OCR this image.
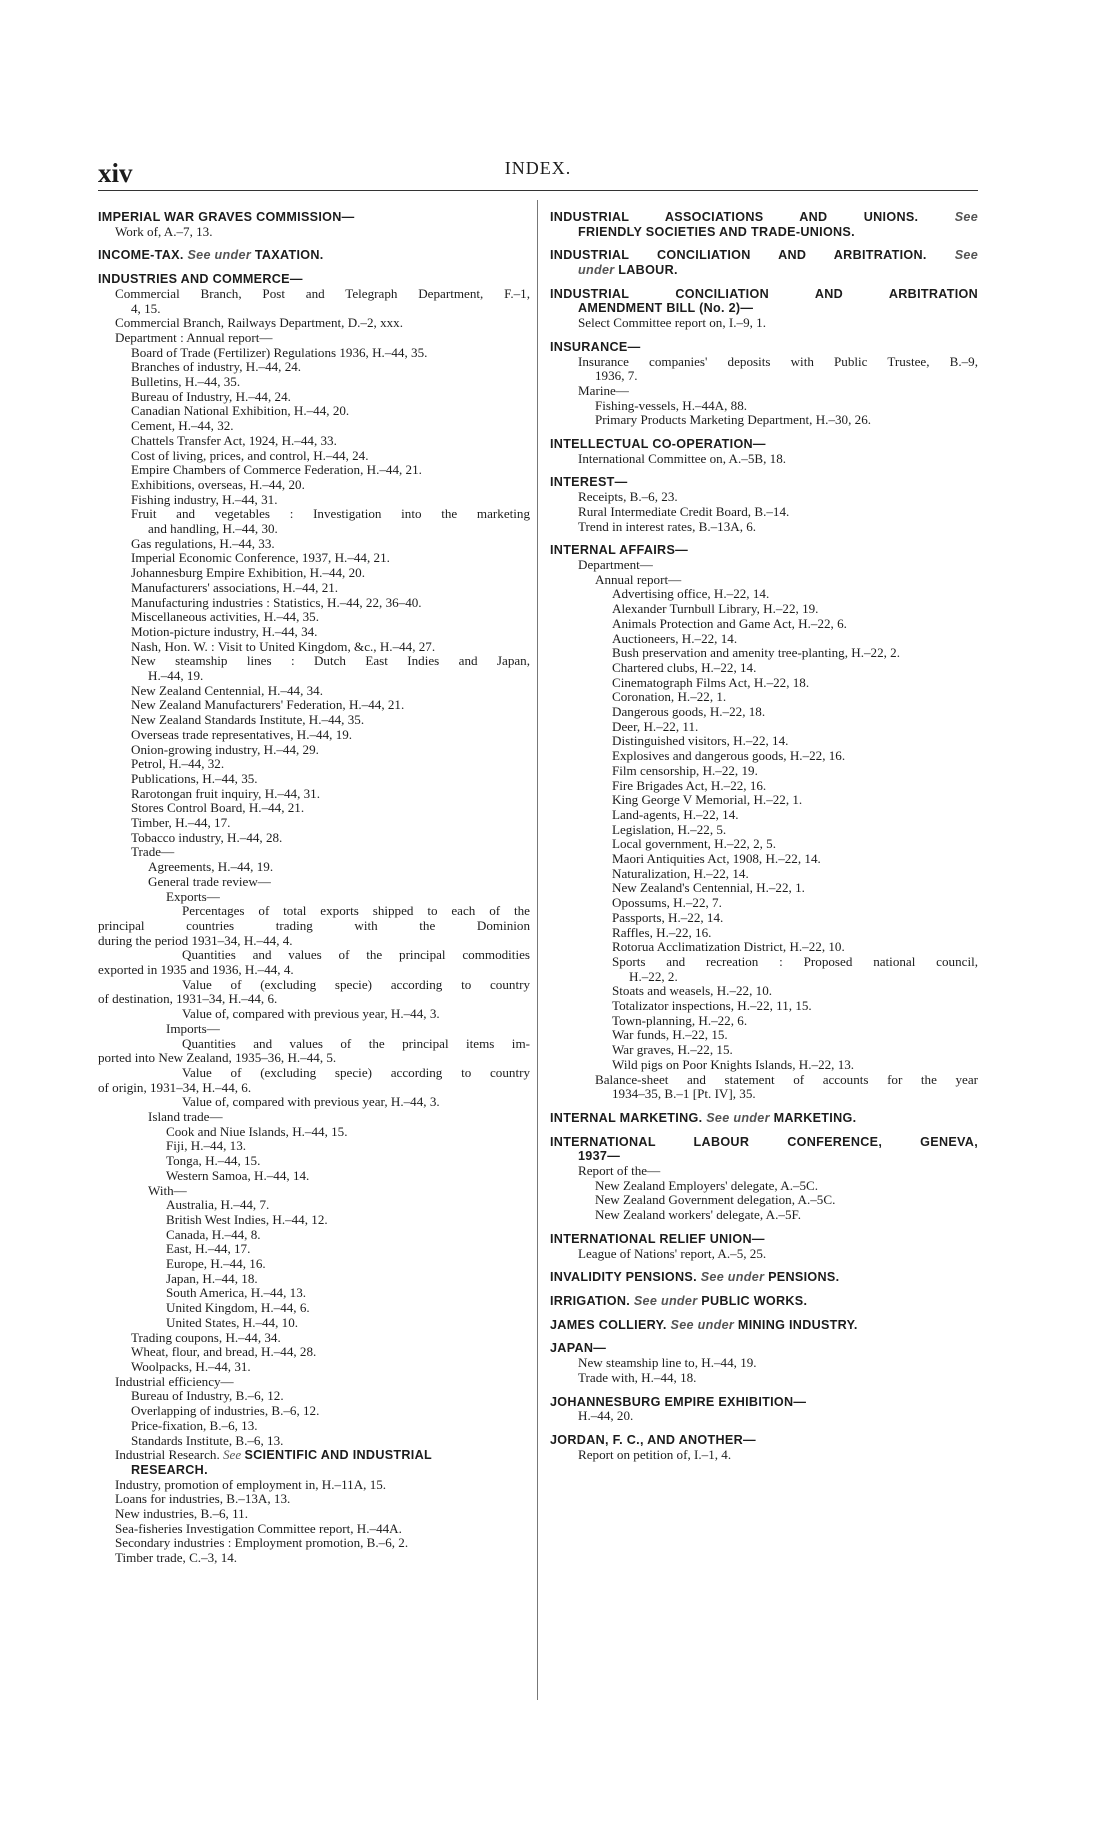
xiv	INDEX.
IMPERIAL WAR GRAVES COMMISSION—
Work of, A.–7, 13.
INCOME-TAX. See under TAXATION.
INDUSTRIES AND COMMERCE—
Commercial Branch, Post and Telegraph Department, F.–1,
4, 15.
Commercial Branch, Railways Department, D.–2, xxx.
Department : Annual report—
Board of Trade (Fertilizer) Regulations 1936, H.–44, 35.
Branches of industry, H.–44, 24.
Bulletins, H.–44, 35.
Bureau of Industry, H.–44, 24.
Canadian National Exhibition, H.–44, 20.
Cement, H.–44, 32.
Chattels Transfer Act, 1924, H.–44, 33.
Cost of living, prices, and control, H.–44, 24.
Empire Chambers of Commerce Federation, H.–44, 21.
Exhibitions, overseas, H.–44, 20.
Fishing industry, H.–44, 31.
Fruit and vegetables : Investigation into the marketing
and handling, H.–44, 30.
Gas regulations, H.–44, 33.
Imperial Economic Conference, 1937, H.–44, 21.
Johannesburg Empire Exhibition, H.–44, 20.
Manufacturers' associations, H.–44, 21.
Manufacturing industries : Statistics, H.–44, 22, 36–40.
Miscellaneous activities, H.–44, 35.
Motion-picture industry, H.–44, 34.
Nash, Hon. W. : Visit to United Kingdom, &c., H.–44, 27.
New steamship lines : Dutch East Indies and Japan,
H.–44, 19.
New Zealand Centennial, H.–44, 34.
New Zealand Manufacturers' Federation, H.–44, 21.
New Zealand Standards Institute, H.–44, 35.
Overseas trade representatives, H.–44, 19.
Onion-growing industry, H.–44, 29.
Petrol, H.–44, 32.
Publications, H.–44, 35.
Rarotongan fruit inquiry, H.–44, 31.
Stores Control Board, H.–44, 21.
Timber, H.–44, 17.
Tobacco industry, H.–44, 28.
Trade—
Agreements, H.–44, 19.
General trade review—
Exports—
Percentages of total exports shipped to each of the
principal countries trading with the Dominion
during the period 1931–34, H.–44, 4.
Quantities and values of the principal commodities
exported in 1935 and 1936, H.–44, 4.
Value of (excluding specie) according to country
of destination, 1931–34, H.–44, 6.
Value of, compared with previous year, H.–44, 3.
Imports—
Quantities and values of the principal items im-
ported into New Zealand, 1935–36, H.–44, 5.
Value of (excluding specie) according to country
of origin, 1931–34, H.–44, 6.
Value of, compared with previous year, H.–44, 3.
Island trade—
Cook and Niue Islands, H.–44, 15.
Fiji, H.–44, 13.
Tonga, H.–44, 15.
Western Samoa, H.–44, 14.
With—
Australia, H.–44, 7.
British West Indies, H.–44, 12.
Canada, H.–44, 8.
East, H.–44, 17.
Europe, H.–44, 16.
Japan, H.–44, 18.
South America, H.–44, 13.
United Kingdom, H.–44, 6.
United States, H.–44, 10.
Trading coupons, H.–44, 34.
Wheat, flour, and bread, H.–44, 28.
Woolpacks, H.–44, 31.
Industrial efficiency—
Bureau of Industry, B.–6, 12.
Overlapping of industries, B.–6, 12.
Price-fixation, B.–6, 13.
Standards Institute, B.–6, 13.
Industrial Research. See SCIENTIFIC AND INDUSTRIAL
RESEARCH.
Industry, promotion of employment in, H.–11A, 15.
Loans for industries, B.–13A, 13.
New industries, B.–6, 11.
Sea-fisheries Investigation Committee report, H.–44A.
Secondary industries : Employment promotion, B.–6, 2.
Timber trade, C.–3, 14.
INDUSTRIAL ASSOCIATIONS AND UNIONS.	See
FRIENDLY SOCIETIES AND TRADE-UNIONS.
INDUSTRIAL CONCILIATION AND ARBITRATION. See
under LABOUR.
INDUSTRIAL CONCILIATION AND ARBITRATION
AMENDMENT BILL (No. 2)—
Select Committee report on, I.–9, 1.
INSURANCE—
Insurance companies' deposits with Public Trustee, B.–9,
1936, 7.
Marine—
Fishing-vessels, H.–44A, 88.
Primary Products Marketing Department, H.–30, 26.
INTELLECTUAL CO-OPERATION—
International Committee on, A.–5B, 18.
INTEREST—
Receipts, B.–6, 23.
Rural Intermediate Credit Board, B.–14.
Trend in interest rates, B.–13A, 6.
INTERNAL AFFAIRS—
Department—
Annual report—
Advertising office, H.–22, 14.
Alexander Turnbull Library, H.–22, 19.
Animals Protection and Game Act, H.–22, 6.
Auctioneers, H.–22, 14.
Bush preservation and amenity tree-planting, H.–22, 2.
Chartered clubs, H.–22, 14.
Cinematograph Films Act, H.–22, 18.
Coronation, H.–22, 1.
Dangerous goods, H.–22, 18.
Deer, H.–22, 11.
Distinguished visitors, H.–22, 14.
Explosives and dangerous goods, H.–22, 16.
Film censorship, H.–22, 19.
Fire Brigades Act, H.–22, 16.
King George V Memorial, H.–22, 1.
Land-agents, H.–22, 14.
Legislation, H.–22, 5.
Local government, H.–22, 2, 5.
Maori Antiquities Act, 1908, H.–22, 14.
Naturalization, H.–22, 14.
New Zealand's Centennial, H.–22, 1.
Opossums, H.–22, 7.
Passports, H.–22, 14.
Raffles, H.–22, 16.
Rotorua Acclimatization District, H.–22, 10.
Sports and recreation : Proposed national council,
H.–22, 2.
Stoats and weasels, H.–22, 10.
Totalizator inspections, H.–22, 11, 15.
Town-planning, H.–22, 6.
War funds, H.–22, 15.
War graves, H.–22, 15.
Wild pigs on Poor Knights Islands, H.–22, 13.
Balance-sheet and statement of accounts for the year
1934–35, B.–1 [Pt. IV], 35.
INTERNAL MARKETING. See under MARKETING.
INTERNATIONAL LABOUR CONFERENCE, GENEVA,
1937—
Report of the—
New Zealand Employers' delegate, A.–5C.
New Zealand Government delegation, A.–5C.
New Zealand workers' delegate, A.–5F.
INTERNATIONAL RELIEF UNION—
League of Nations' report, A.–5, 25.
INVALIDITY PENSIONS. See under PENSIONS.
IRRIGATION. See under PUBLIC WORKS.
JAMES COLLIERY. See under MINING INDUSTRY.
JAPAN—
New steamship line to, H.–44, 19.
Trade with, H.–44, 18.
JOHANNESBURG EMPIRE EXHIBITION—
H.–44, 20.
JORDAN, F. C., AND ANOTHER—
Report on petition of, I.–1, 4.
